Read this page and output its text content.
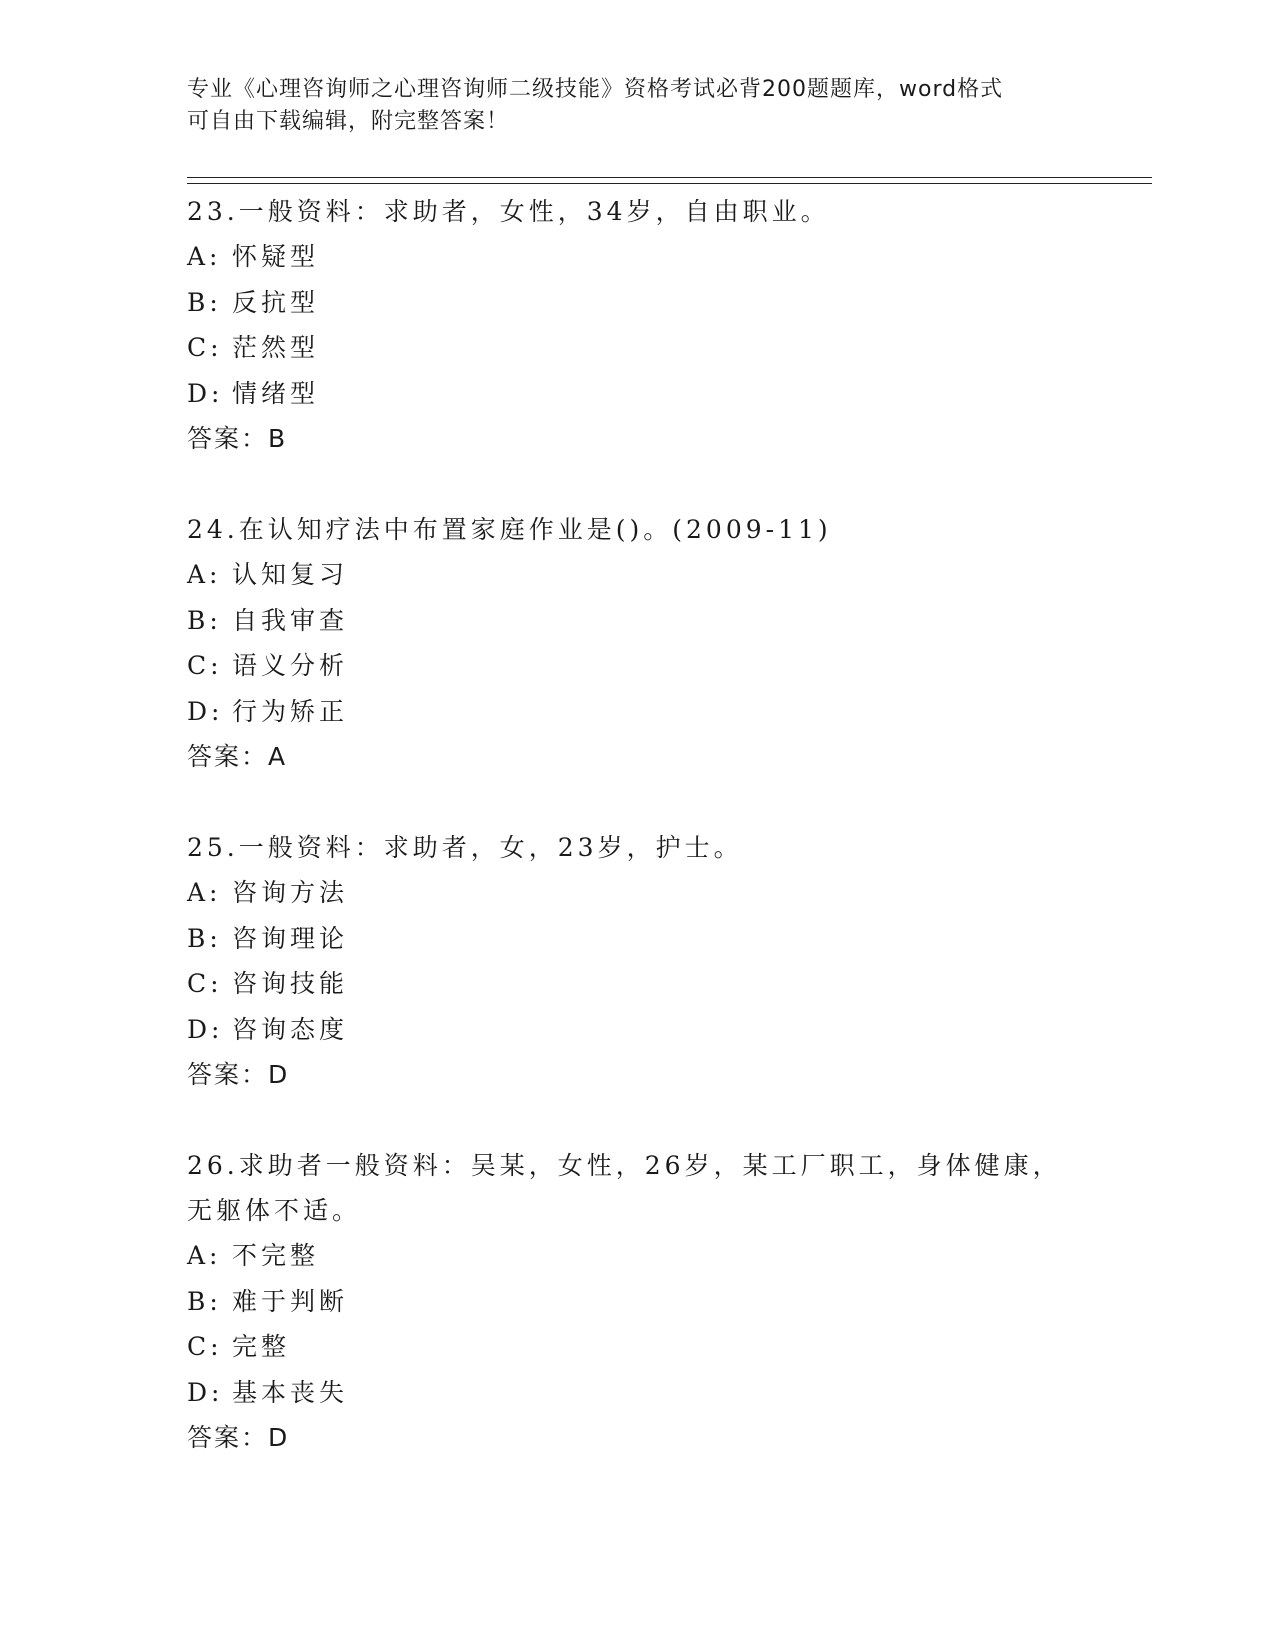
专业《心理咨询师之心理咨询师二级技能》资格考试必背200题题库，word格式
可自由下载编辑，附完整答案！
23.一般资料：求助者，女性，34岁，自由职业。
A: 怀疑型
B: 反抗型
C: 茫然型
D: 情绪型
答案：B
24.在认知疗法中布置家庭作业是()。(2009-11)
A: 认知复习
B: 自我审查
C: 语义分析
D: 行为矫正
答案：A
25.一般资料：求助者，女，23岁，护士。
A: 咨询方法
B: 咨询理论
C: 咨询技能
D: 咨询态度
答案：D
26.求助者一般资料：吴某，女性，26岁，某工厂职工，身体健康，无躯体不适。
A: 不完整
B: 难于判断
C: 完整
D: 基本丧失
答案：D
